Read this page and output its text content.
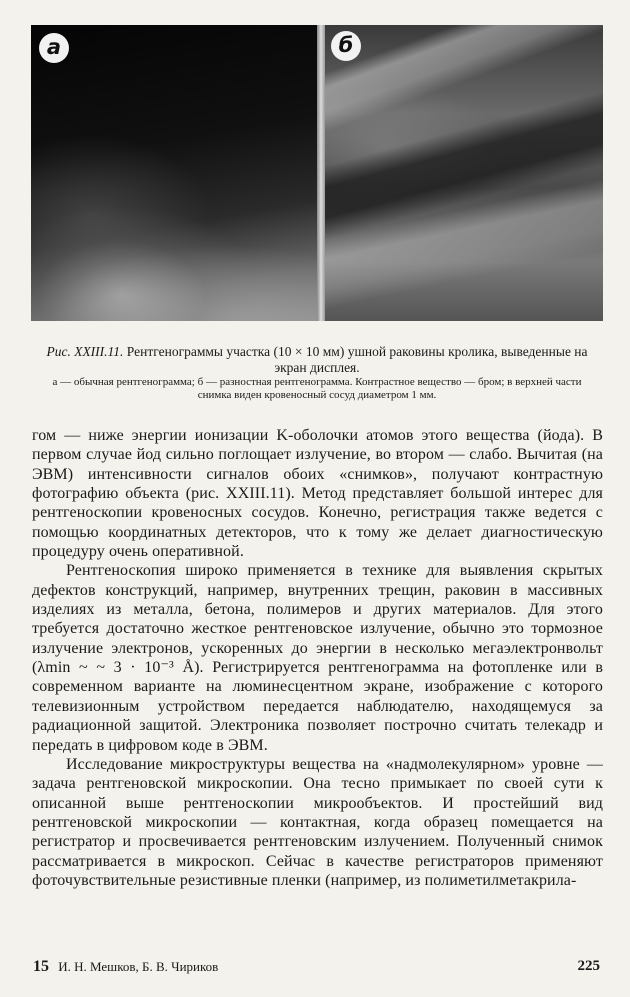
а	б
Рис. XXIII.11. Рентгенограммы участка (10 × 10 мм) ушной раковины кролика, выведенные на экран дисплея.
а — обычная рентгенограмма; б — разностная рентгенограмма. Контрастное вещество — бром; в верхней части снимка виден кровеносный сосуд диаметром 1 мм.

гом — ниже энергии ионизации K-оболочки атомов этого вещества (йода). В первом случае йод сильно поглощает излучение, во втором — слабо. Вычитая (на ЭВМ) интенсивности сигналов обоих «снимков», получают контрастную фотографию объекта (рис. XXIII.11). Метод представляет большой интерес для рентгеноскопии кровеносных сосудов. Конечно, регистрация также ведется с помощью координатных детекторов, что к тому же делает диагностическую процедуру очень оперативной.

Рентгеноскопия широко применяется в технике для выявления скрытых дефектов конструкций, например, внутренних трещин, раковин в массивных изделиях из металла, бетона, полимеров и других материалов. Для этого требуется достаточно жесткое рентгеновское излучение, обычно это тормозное излучение электронов, ускоренных до энергии в несколько мегаэлектронвольт (λmin ~ ~ 3 · 10⁻³ Å). Регистрируется рентгенограмма на фотопленке или в современном варианте на люминесцентном экране, изображение с которого телевизионным устройством передается наблюдателю, находящемуся за радиационной защитой. Электроника позволяет построчно считать телекадр и передать в цифровом коде в ЭВМ.

Исследование микроструктуры вещества на «надмолекулярном» уровне — задача рентгеновской микроскопии. Она тесно примыкает по своей сути к описанной выше рентгеноскопии микрообъектов. И простейший вид рентгеновской микроскопии — контактная, когда образец помещается на регистратор и просвечивается рентгеновским излучением. Полученный снимок рассматривается в микроскоп. Сейчас в качестве регистраторов применяют фоточувствительные резистивные пленки (например, из полиметилметакрила-

15 И. Н. Мешков, Б. В. Чириков	225
